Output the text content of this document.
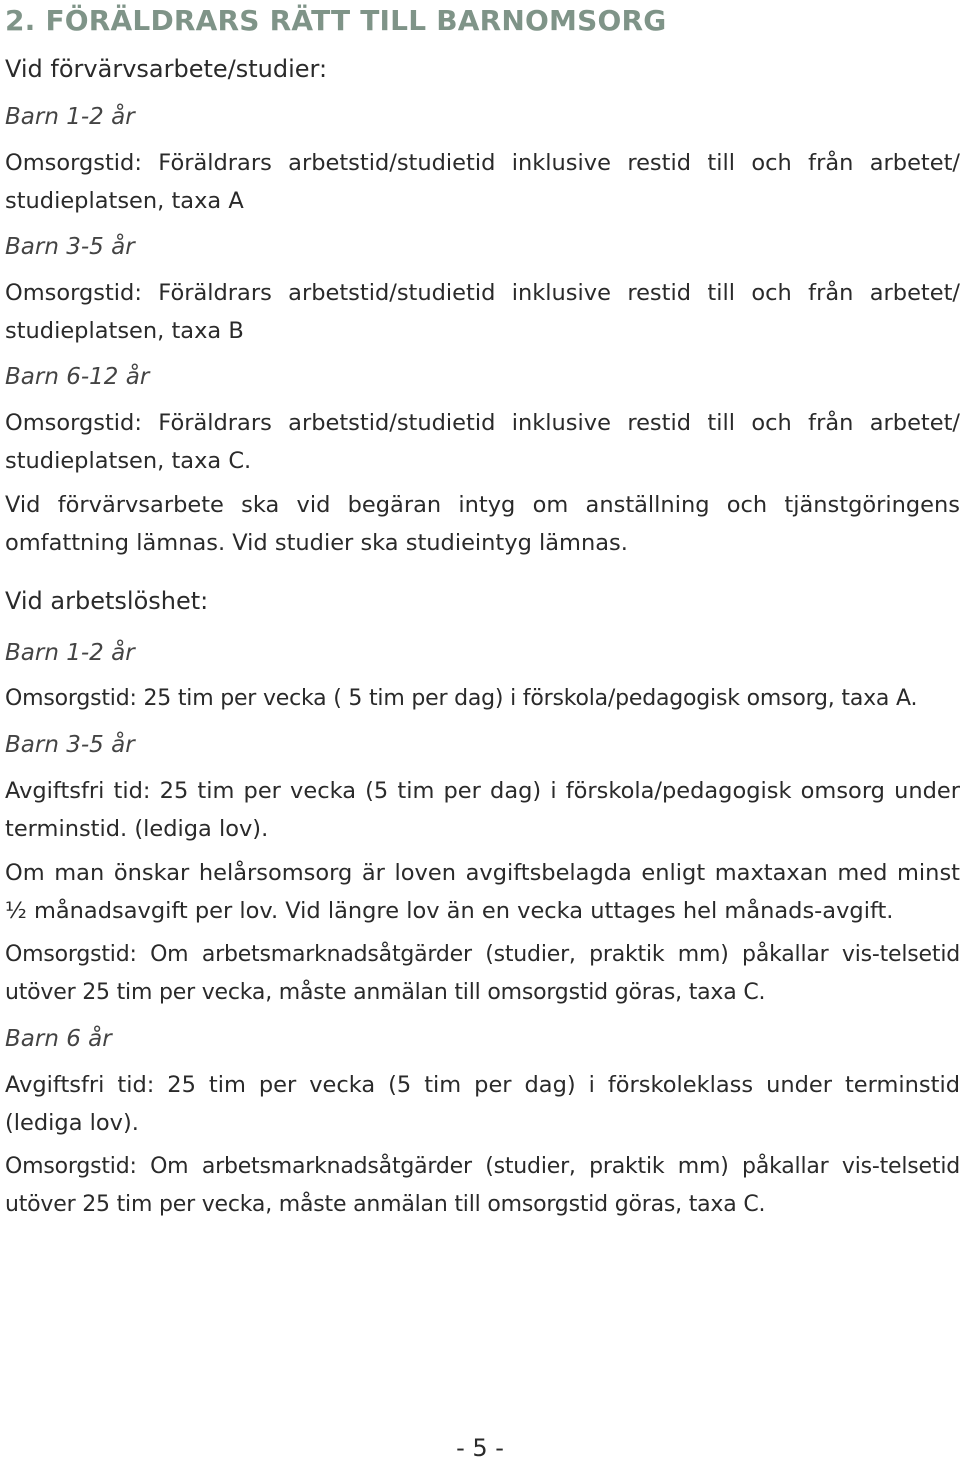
2. FÖRÄLDRARS RÄTT TILL BARNOMSORG
Vid förvärvsarbete/studier:

Barn 1-2 år

Omsorgstid: Föräldrars arbetstid/studietid inklusive restid till och från arbetet/ studieplatsen, taxa A

Barn 3-5 år

Omsorgstid: Föräldrars arbetstid/studietid inklusive restid till och från arbetet/ studieplatsen, taxa B

Barn 6-12 år

Omsorgstid: Föräldrars arbetstid/studietid inklusive restid till och från arbetet/ studieplatsen, taxa C.

Vid förvärvsarbete ska vid begäran intyg om anställning och tjänstgöringens omfattning lämnas. Vid studier ska studieintyg lämnas.

Vid arbetslöshet:

Barn 1-2 år

Omsorgstid: 25 tim per vecka ( 5 tim per dag) i förskola/pedagogisk omsorg, taxa A.

Barn 3-5 år

Avgiftsfri tid: 25 tim per vecka (5 tim per dag) i förskola/pedagogisk omsorg under terminstid. (lediga lov).

Om man önskar helårsomsorg är loven avgiftsbelagda enligt maxtaxan med minst ½ månadsavgift per lov. Vid längre lov än en vecka uttages hel månads-avgift.

Omsorgstid: Om arbetsmarknadsåtgärder (studier, praktik mm) påkallar vis-telsetid utöver 25 tim per vecka, måste anmälan till omsorgstid göras, taxa C.

Barn 6 år

Avgiftsfri tid: 25 tim per vecka (5 tim per dag) i förskoleklass under terminstid (lediga lov).

Omsorgstid: Om arbetsmarknadsåtgärder (studier, praktik mm) påkallar vis-telsetid utöver 25 tim per vecka, måste anmälan till omsorgstid göras, taxa C.

- 5 -
